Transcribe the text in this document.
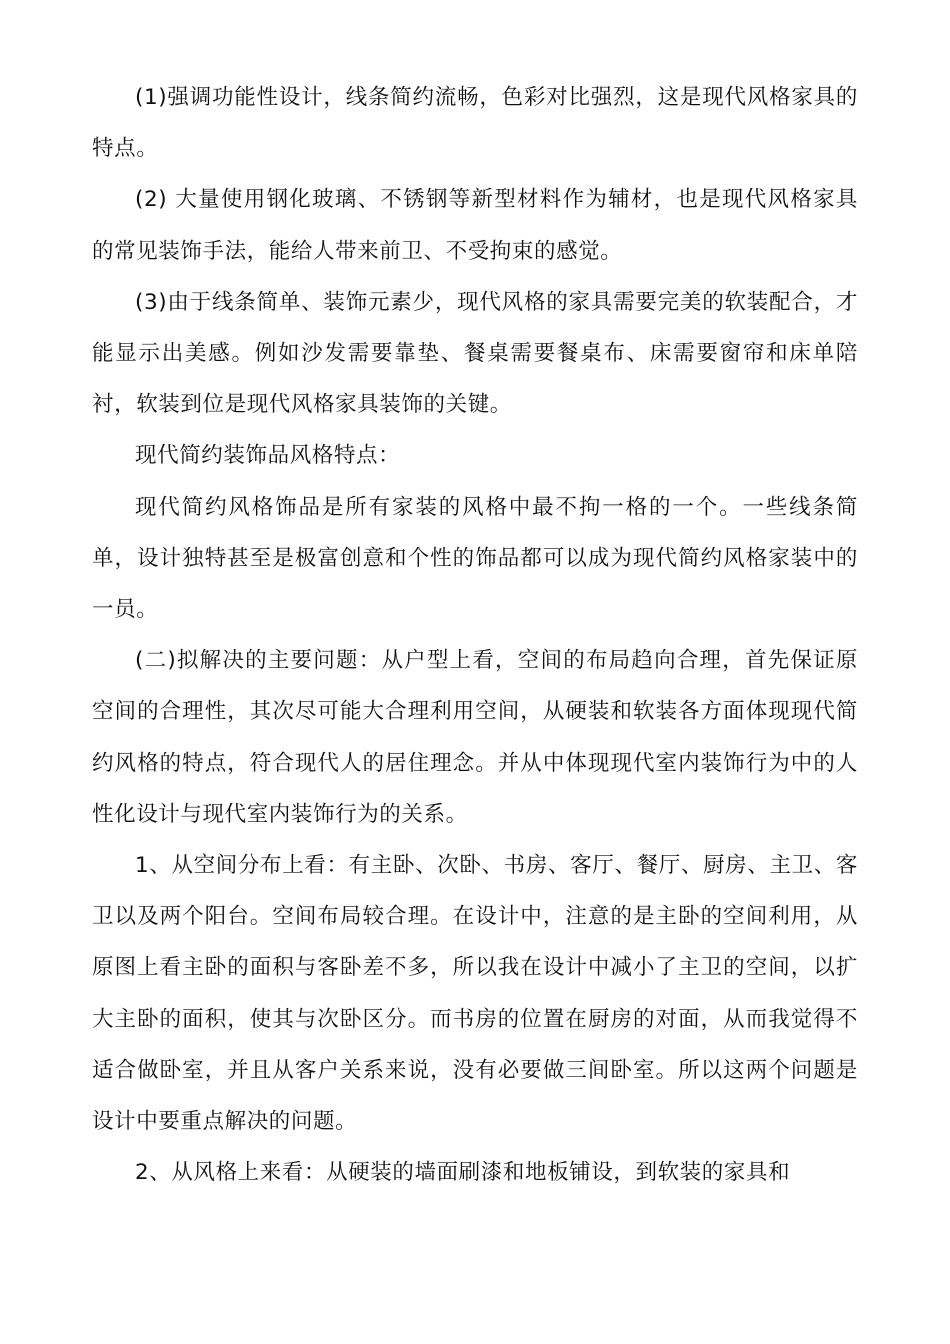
(1)强调功能性设计，线条简约流畅，色彩对比强烈，这是现代风格家具的特点。

(2) 大量使用钢化玻璃、不锈钢等新型材料作为辅材，也是现代风格家具的常见装饰手法，能给人带来前卫、不受拘束的感觉。

(3)由于线条简单、装饰元素少，现代风格的家具需要完美的软装配合，才能显示出美感。例如沙发需要靠垫、餐桌需要餐桌布、床需要窗帘和床单陪衬，软装到位是现代风格家具装饰的关键。

现代简约装饰品风格特点：

现代简约风格饰品是所有家装的风格中最不拘一格的一个。一些线条简单，设计独特甚至是极富创意和个性的饰品都可以成为现代简约风格家装中的一员。

(二)拟解决的主要问题：从户型上看，空间的布局趋向合理，首先保证原空间的合理性，其次尽可能大合理利用空间，从硬装和软装各方面体现现代简约风格的特点，符合现代人的居住理念。并从中体现现代室内装饰行为中的人性化设计与现代室内装饰行为的关系。

1、从空间分布上看：有主卧、次卧、书房、客厅、餐厅、厨房、主卫、客卫以及两个阳台。空间布局较合理。在设计中，注意的是主卧的空间利用，从原图上看主卧的面积与客卧差不多，所以我在设计中减小了主卫的空间，以扩大主卧的面积，使其与次卧区分。而书房的位置在厨房的对面，从而我觉得不适合做卧室，并且从客户关系来说，没有必要做三间卧室。所以这两个问题是设计中要重点解决的问题。

2、从风格上来看：从硬装的墙面刷漆和地板铺设，到软装的家具和
